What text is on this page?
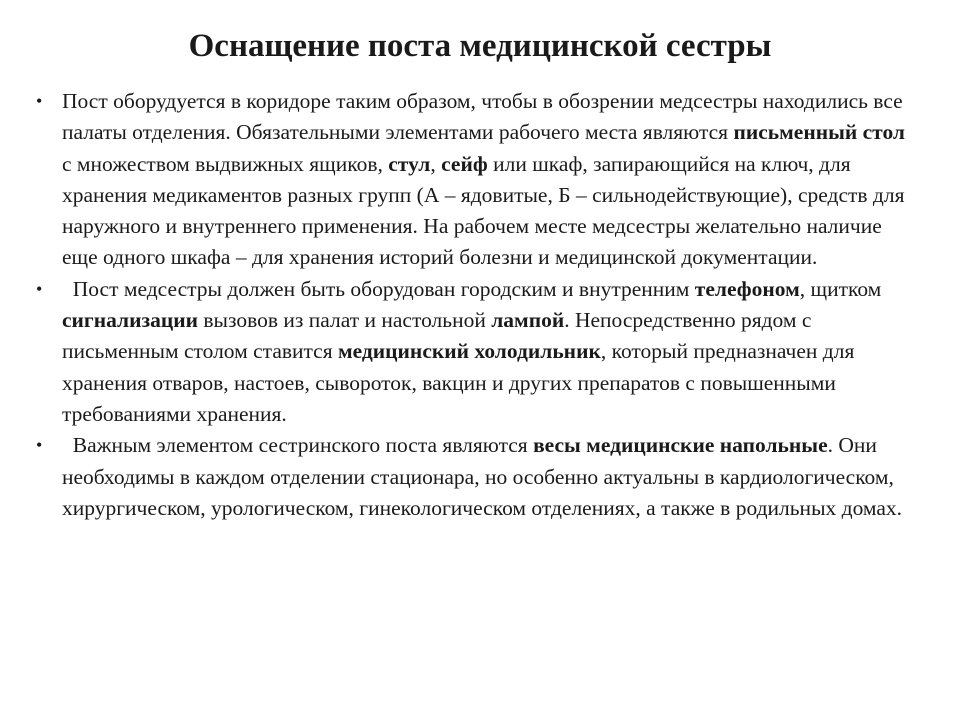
Оснащение поста медицинской сестры
• Пост оборудуется в коридоре таким образом, чтобы в обозрении медсестры находились все палаты отделения. Обязательными элементами рабочего места являются письменный стол с множеством выдвижных ящиков, стул, сейф или шкаф, запирающийся на ключ, для хранения медикаментов разных групп (А – ядовитые, Б – сильнодействующие), средств для наружного и внутреннего применения. На рабочем месте медсестры желательно наличие еще одного шкафа – для хранения историй болезни и медицинской документации.
• Пост медсестры должен быть оборудован городским и внутренним телефоном, щитком сигнализации вызовов из палат и настольной лампой. Непосредственно рядом с письменным столом ставится медицинский холодильник, который предназначен для хранения отваров, настоев, сывороток, вакцин и других препаратов с повышенными требованиями хранения.
• Важным элементом сестринского поста являются весы медицинские напольные. Они необходимы в каждом отделении стационара, но особенно актуальны в кардиологическом, хирургическом, урологическом, гинекологическом отделениях, а также в родильных домах.
